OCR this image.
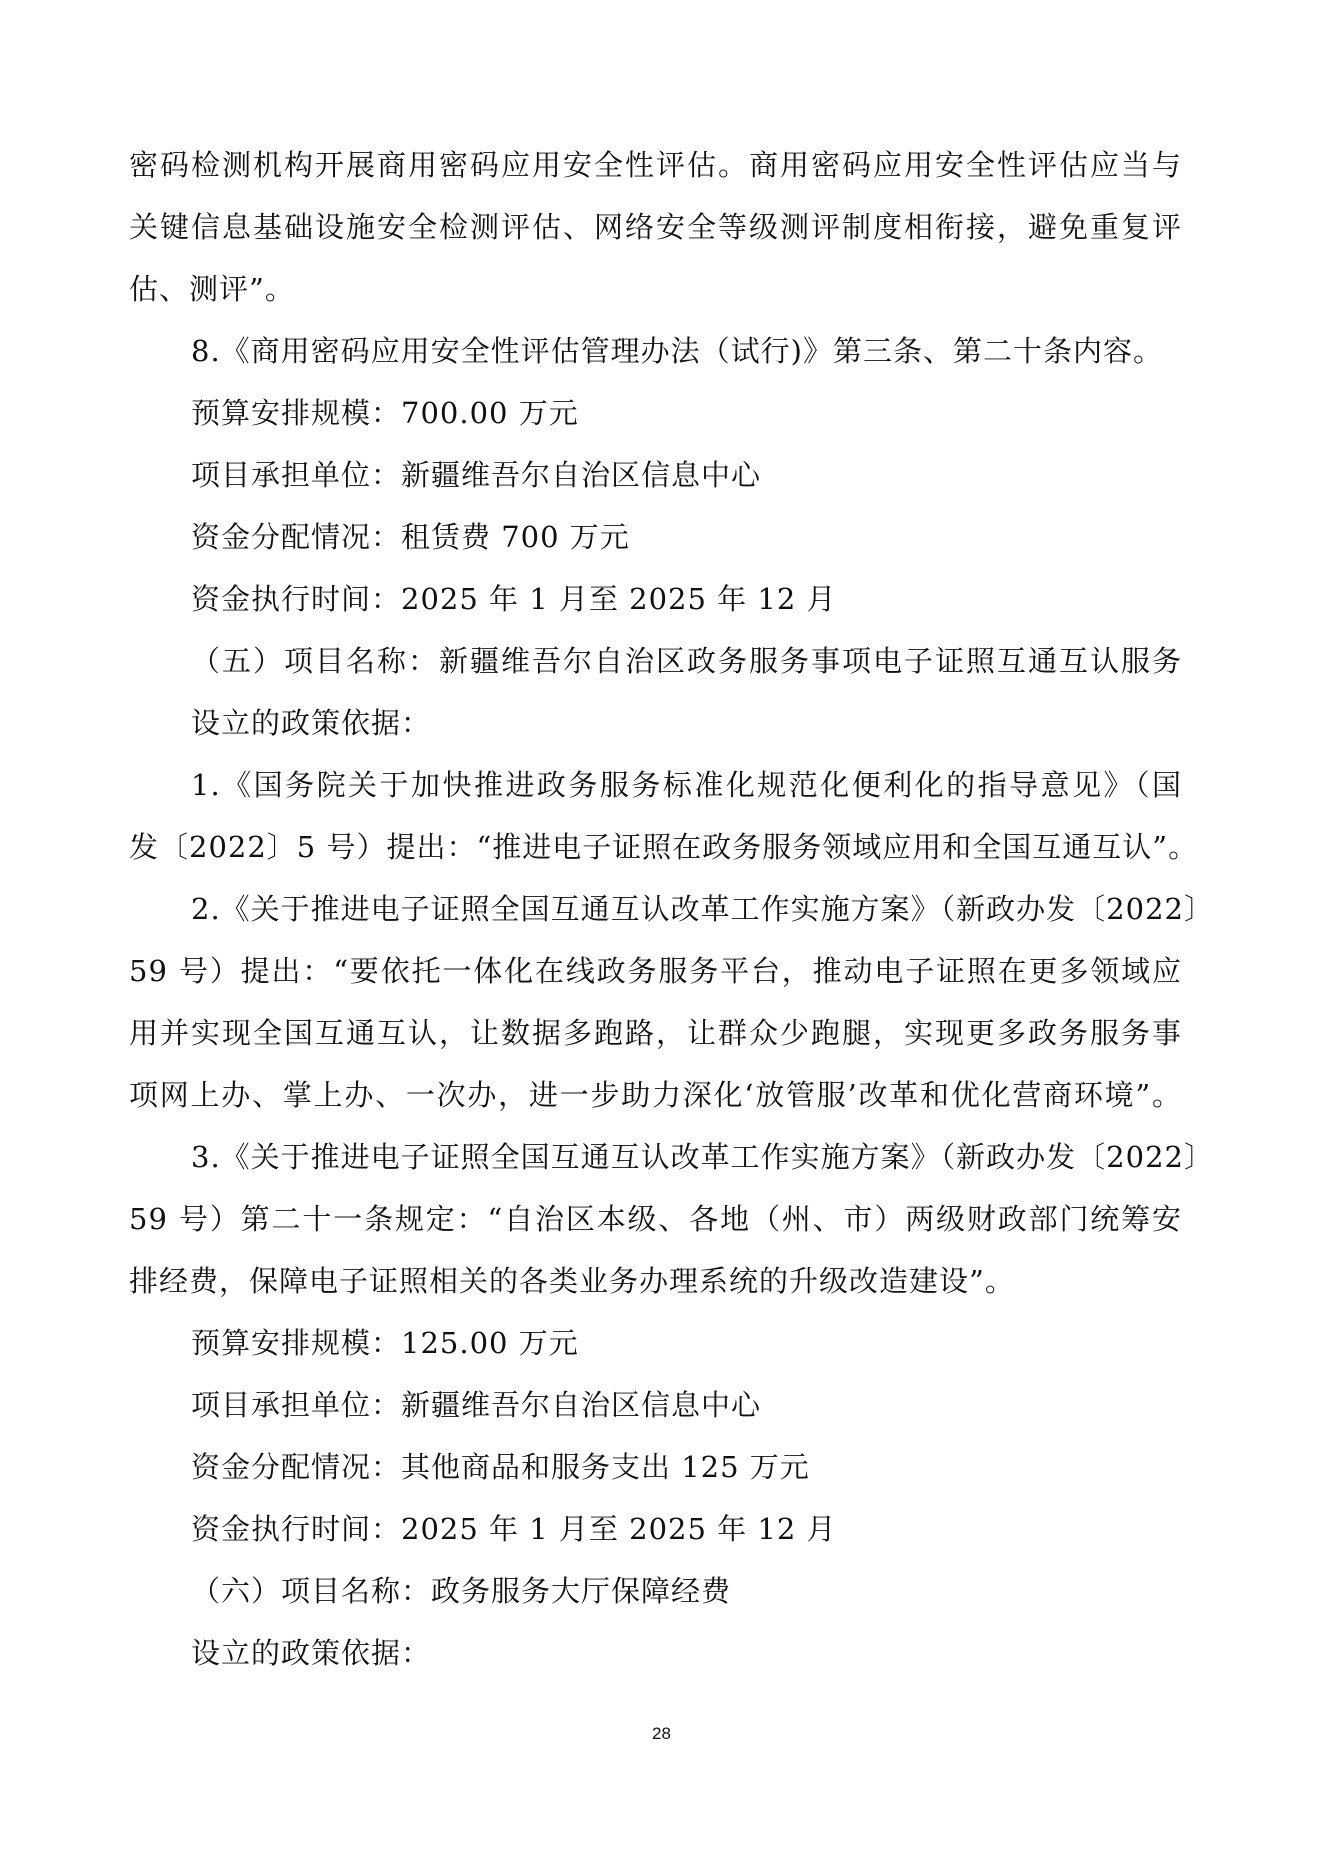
密码检测机构开展商用密码应用安全性评估。商用密码应用安全性评估应当与
关键信息基础设施安全检测评估、网络安全等级测评制度相衔接，避免重复评
估、测评”。
8.《商用密码应用安全性评估管理办法（试行)》第三条、第二十条内容。
预算安排规模：700.00 万元
项目承担单位：新疆维吾尔自治区信息中心
资金分配情况：租赁费 700 万元
资金执行时间：2025 年 1 月至 2025 年 12 月
（五）项目名称：新疆维吾尔自治区政务服务事项电子证照互通互认服务
设立的政策依据：
1.《国务院关于加快推进政务服务标准化规范化便利化的指导意见》（国
发〔2022〕5 号）提出：“推进电子证照在政务服务领域应用和全国互通互认”。
2.《关于推进电子证照全国互通互认改革工作实施方案》（新政办发〔2022〕
59 号）提出：“要依托一体化在线政务服务平台，推动电子证照在更多领域应
用并实现全国互通互认，让数据多跑路，让群众少跑腿，实现更多政务服务事
项网上办、掌上办、一次办，进一步助力深化‘放管服’改革和优化营商环境”。
3.《关于推进电子证照全国互通互认改革工作实施方案》（新政办发〔2022〕
59 号）第二十一条规定：“自治区本级、各地（州、市）两级财政部门统筹安
排经费，保障电子证照相关的各类业务办理系统的升级改造建设”。
预算安排规模：125.00 万元
项目承担单位：新疆维吾尔自治区信息中心
资金分配情况：其他商品和服务支出 125 万元
资金执行时间：2025 年 1 月至 2025 年 12 月
（六）项目名称：政务服务大厅保障经费
设立的政策依据：
28
